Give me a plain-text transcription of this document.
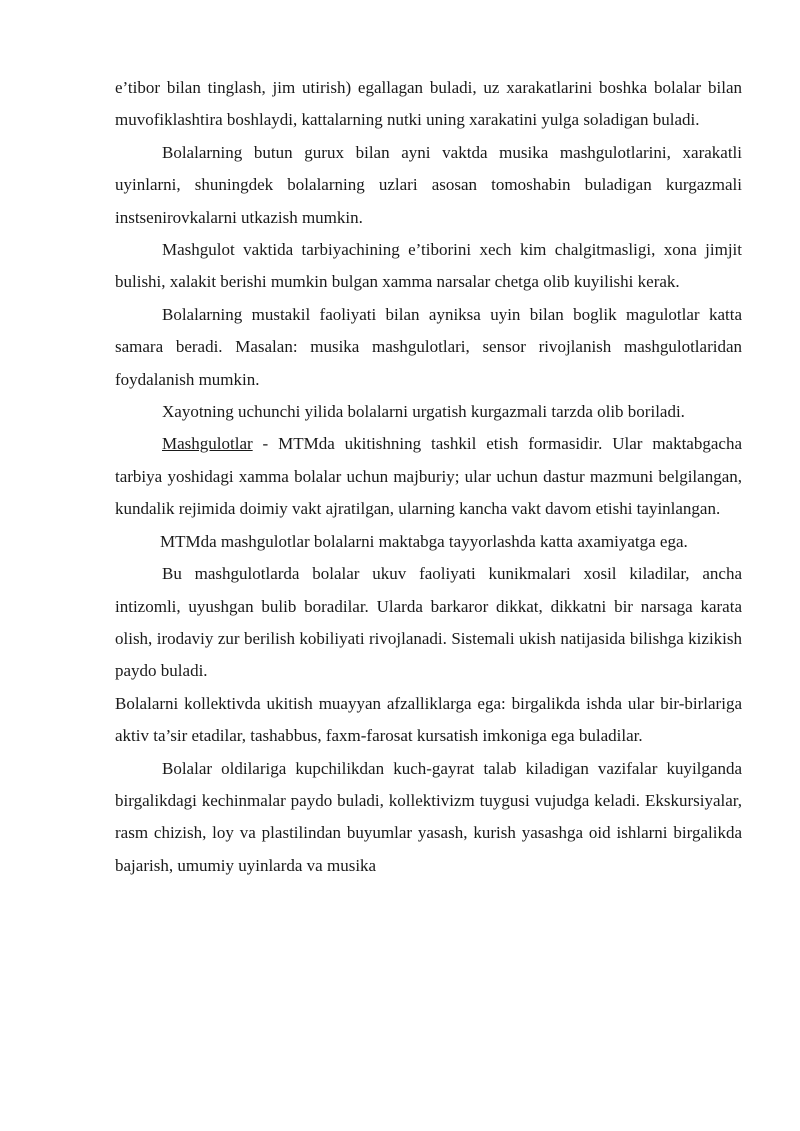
e’tibor bilan tinglash, jim utirish) egallagan buladi, uz xarakatlarini boshka bolalar bilan muvofiklashtira boshlaydi, kattalarning nutki uning xarakatini yulga soladigan buladi.

Bolalarning butun gurux bilan ayni vaktda musika mashgulotlarini, xarakatli uyinlarni, shuningdek bolalarning uzlari asosan tomoshabin buladigan kurgazmali instsenirovkalarni utkazish mumkin.

Mashgulot vaktida tarbiyachining e’tiborini xech kim chalgitmasligi, xona jimjit bulishi, xalakit berishi mumkin bulgan xamma narsalar chetga olib kuyilishi kerak.

Bolalarning mustakil faoliyati bilan ayniksa uyin bilan boglik magulotlar katta samara beradi. Masalan: musika mashgulotlari, sensor rivojlanish mashgulotlaridan foydalanish mumkin.

Xayotning uchunchi yilida bolalarni urgatish kurgazmali tarzda olib boriladi.

Mashgulotlar - MTMda ukitishning tashkil etish formasidir. Ular maktabgacha tarbiya yoshidagi xamma bolalar uchun majburiy; ular uchun dastur mazmuni belgilangan, kundalik rejimida doimiy vakt ajratilgan, ularning kancha vakt davom etishi tayinlangan.

MTMda mashgulotlar bolalarni maktabga tayyorlashda katta axamiyatga ega.

Bu mashgulotlarda bolalar ukuv faoliyati kunikmalari xosil kiladilar, ancha intizomli, uyushgan bulib boradilar. Ularda barkaror dikkat, dikkatni bir narsaga karata olish, irodaviy zur berilish kobiliyati rivojlanadi. Sistemali ukish natijasida bilishga kizikish paydo buladi.

Bolalarni kollektivda ukitish muayyan afzalliklarga ega: birgalikda ishda ular bir-birlariga aktiv ta’sir etadilar, tashabbus, faxm-farosat kursatish imkoniga ega buladilar.

Bolalar oldilariga kupchilikdan kuch-gayrat talab kiladigan vazifalar kuyilganda birgalikdagi kechinmalar paydo buladi, kollektivizm tuygusi vujudga keladi. Ekskursiyalar, rasm chizish, loy va plastilindan buyumlar yasash, kurish yasashga oid ishlarni birgalikda bajarish, umumiy uyinlarda va musika
